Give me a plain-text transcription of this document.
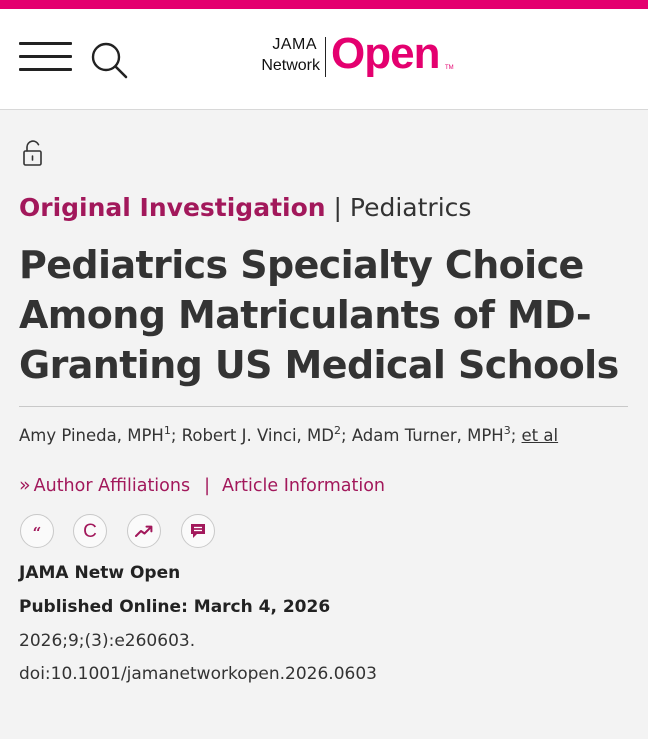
JAMA
Network Open TM
Original Investigation | Pediatrics
Pediatrics Specialty Choice Among Matriculants of MD-Granting US Medical Schools
Amy Pineda, MPH$^1$; Robert J. Vinci, $MD^2$; Adam Turner, MPH$^3$; et al
» Author Affiliations | Article Information
“ C
JAMA Netw Open
Published Online: March 4, 2026
2026;9;(3):e260603.
doi:10.1001/jamanetworkopen.2026.0603
